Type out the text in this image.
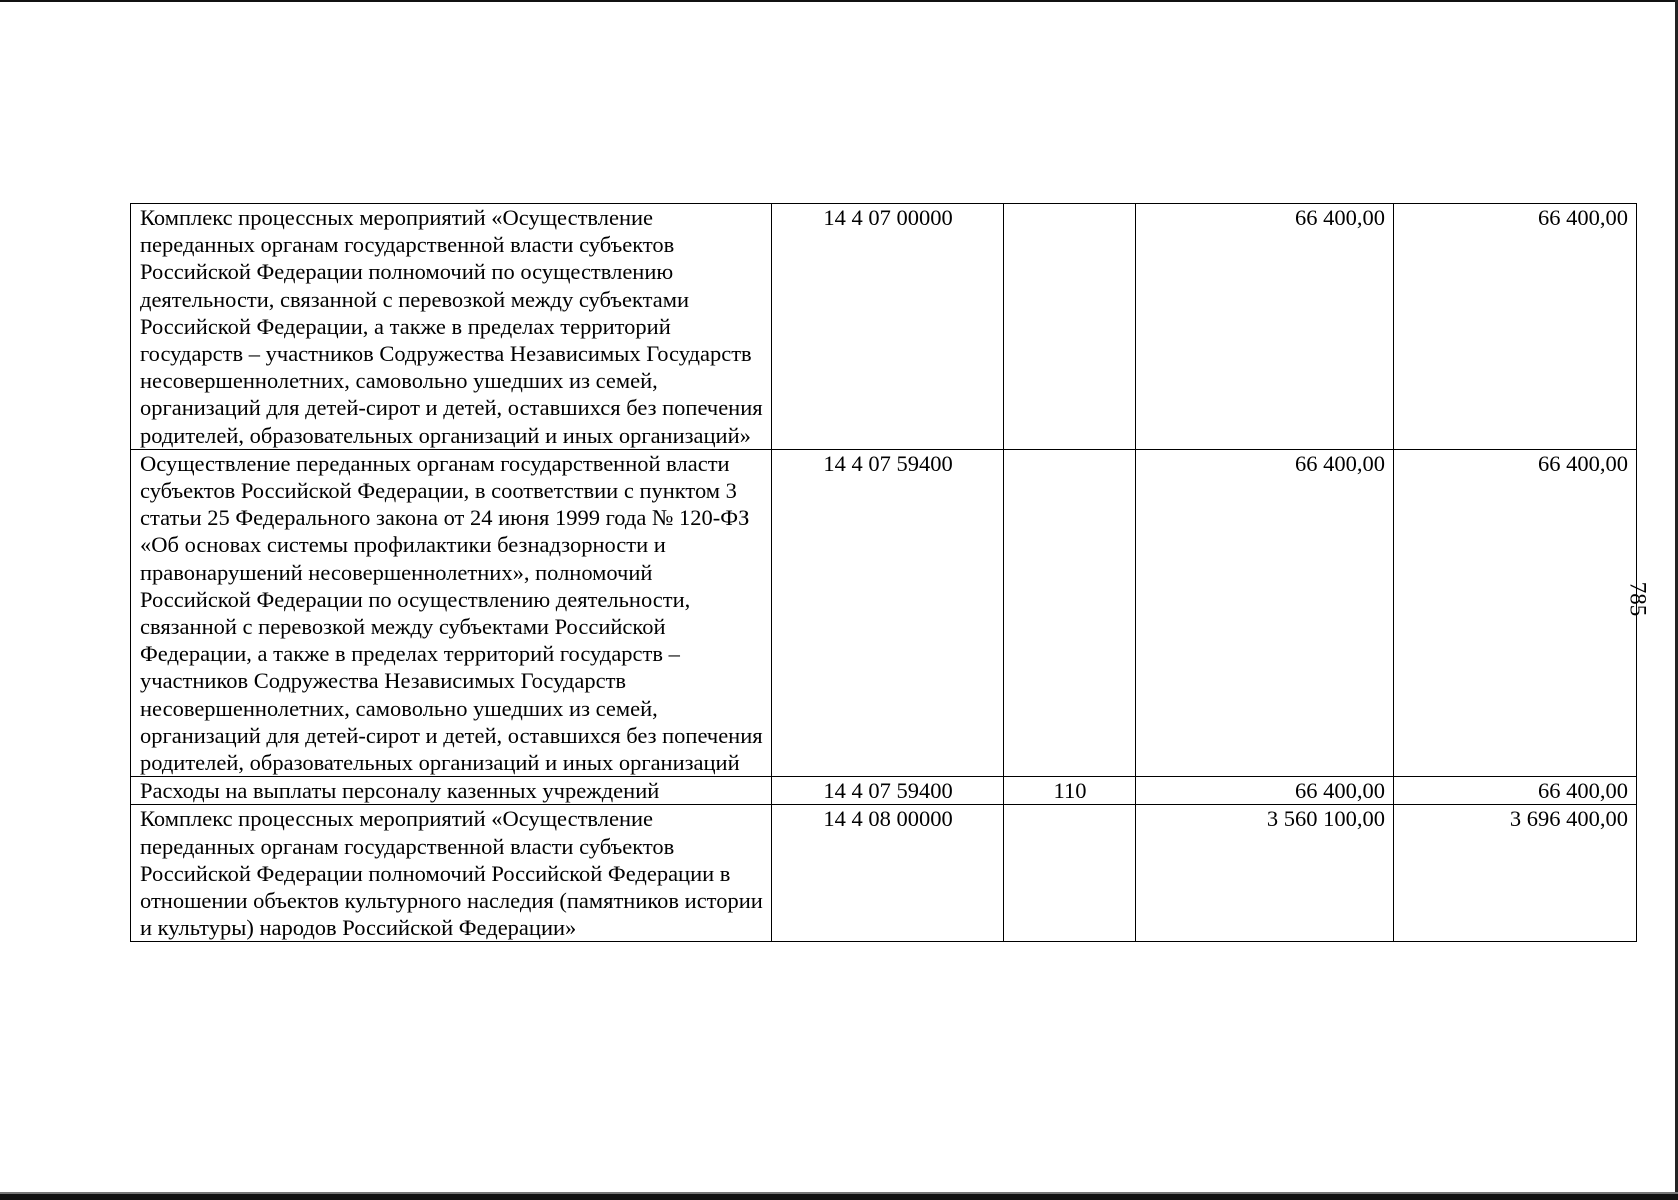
Комплекс процессных мероприятий «Осуществление переданных органам государственной власти субъектов Российской Федерации полномочий по осуществлению деятельности, связанной с перевозкой между субъектами Российской Федерации, а также в пределах территорий государств – участников Содружества Независимых Государств несовершеннолетних, самовольно ушедших из семей, организаций для детей-сирот и детей, оставшихся без попечения родителей, образовательных организаций и иных организаций»	14 4 07 00000		66 400,00	66 400,00
Осуществление переданных органам государственной власти субъектов Российской Федерации, в соответствии с пунктом 3 статьи 25 Федерального закона от 24 июня 1999 года № 120-ФЗ «Об основах системы профилактики безнадзорности и правонарушений несовершеннолетних», полномочий Российской Федерации по осуществлению деятельности, связанной с перевозкой между субъектами Российской Федерации, а также в пределах территорий государств – участников Содружества Независимых Государств несовершеннолетних, самовольно ушедших из семей, организаций для детей-сирот и детей, оставшихся без попечения родителей, образовательных организаций и иных организаций	14 4 07 59400		66 400,00	66 400,00
Расходы на выплаты персоналу казенных учреждений	14 4 07 59400	110	66 400,00	66 400,00
Комплекс процессных мероприятий «Осуществление переданных органам государственной власти субъектов Российской Федерации полномочий Российской Федерации в отношении объектов культурного наследия (памятников истории и культуры) народов Российской Федерации»	14 4 08 00000		3 560 100,00	3 696 400,00
785
